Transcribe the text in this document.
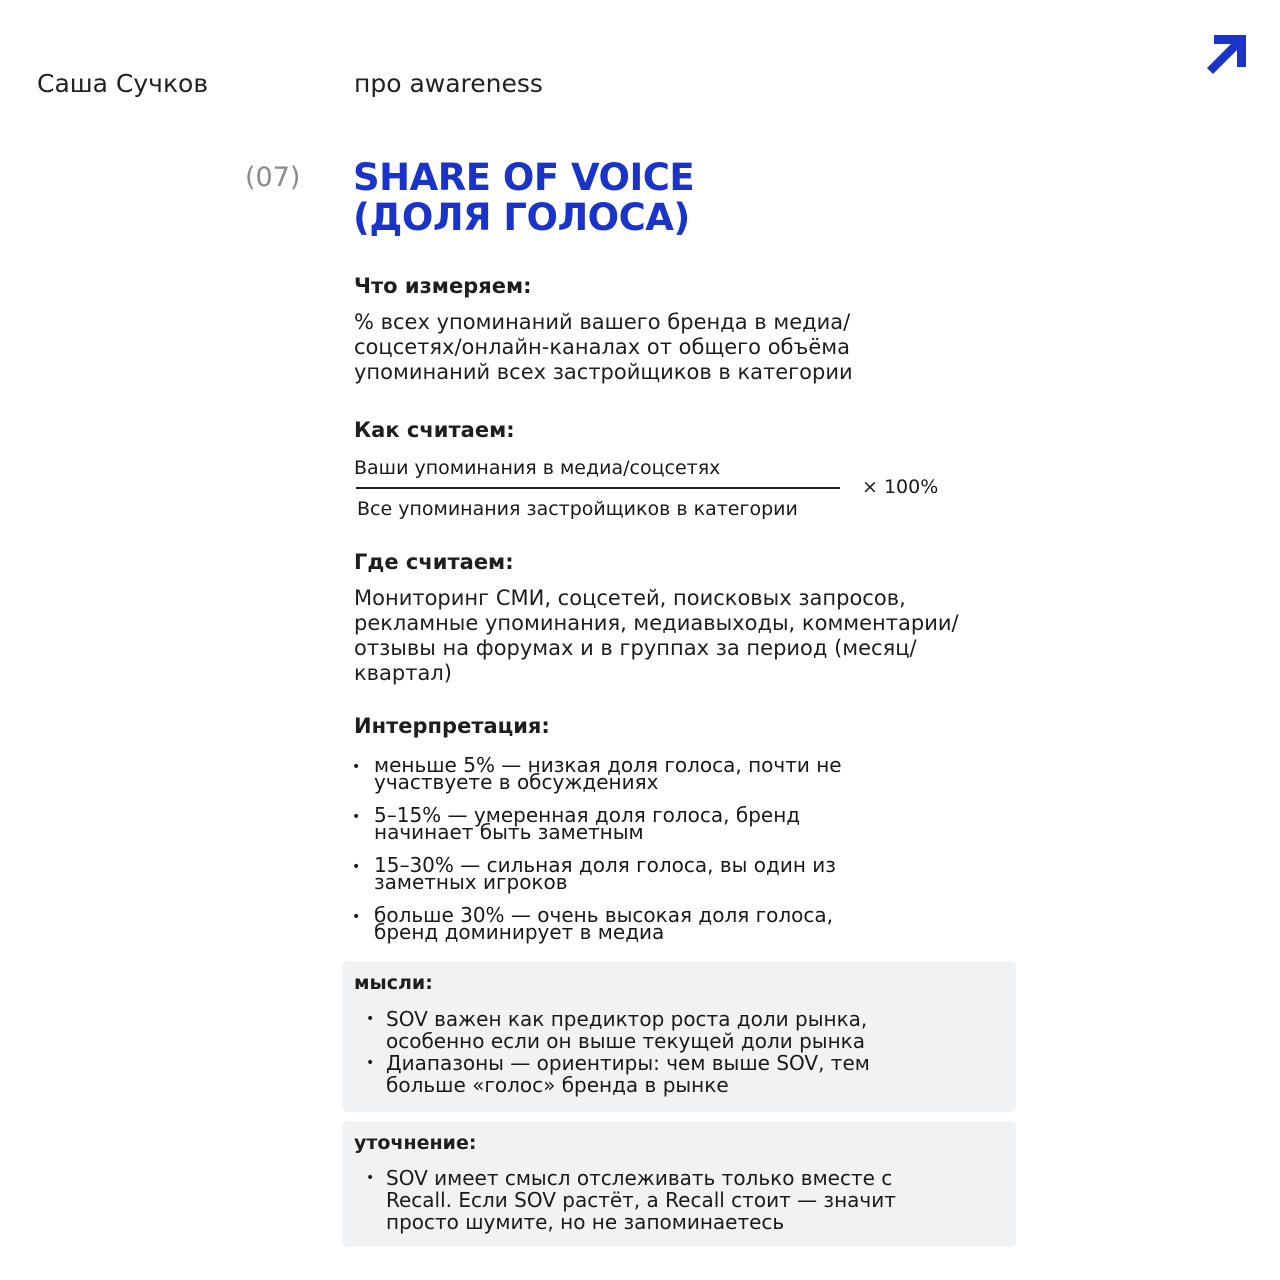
Саша Сучков	про awareness
(07) SHARE OF VOICE
(ДОЛЯ ГОЛОСА)
Что измеряем:
% всех упоминаний вашего бренда в медиа/
соцсетях/онлайн-каналах от общего объёма
упоминаний всех застройщиков в категории
Как считаем:
Ваши упоминания в медиа/соцсетях
Все упоминания застройщиков в категории
× 100%
Где считаем:
Мониторинг СМИ, соцсетей, поисковых запросов,
рекламные упоминания, медиавыходы, комментарии/
отзывы на форумах и в группах за период (месяц/
квартал)
Интерпретация:
• меньше 5% — низкая доля голоса, почти не
участвуете в обсуждениях
• 5–15% — умеренная доля голоса, бренд
начинает быть заметным
• 15–30% — сильная доля голоса, вы один из
заметных игроков
• больше 30% — очень высокая доля голоса,
бренд доминирует в медиа
мысли:
• SOV важен как предиктор роста доли рынка,
особенно если он выше текущей доли рынка
• Диапазоны — ориентиры: чем выше SOV, тем
больше «голос» бренда в рынке
уточнение:
• SOV имеет смысл отслеживать только вместе с
Recall. Если SOV растёт, а Recall стоит — значит
просто шумите, но не запоминаетесь
